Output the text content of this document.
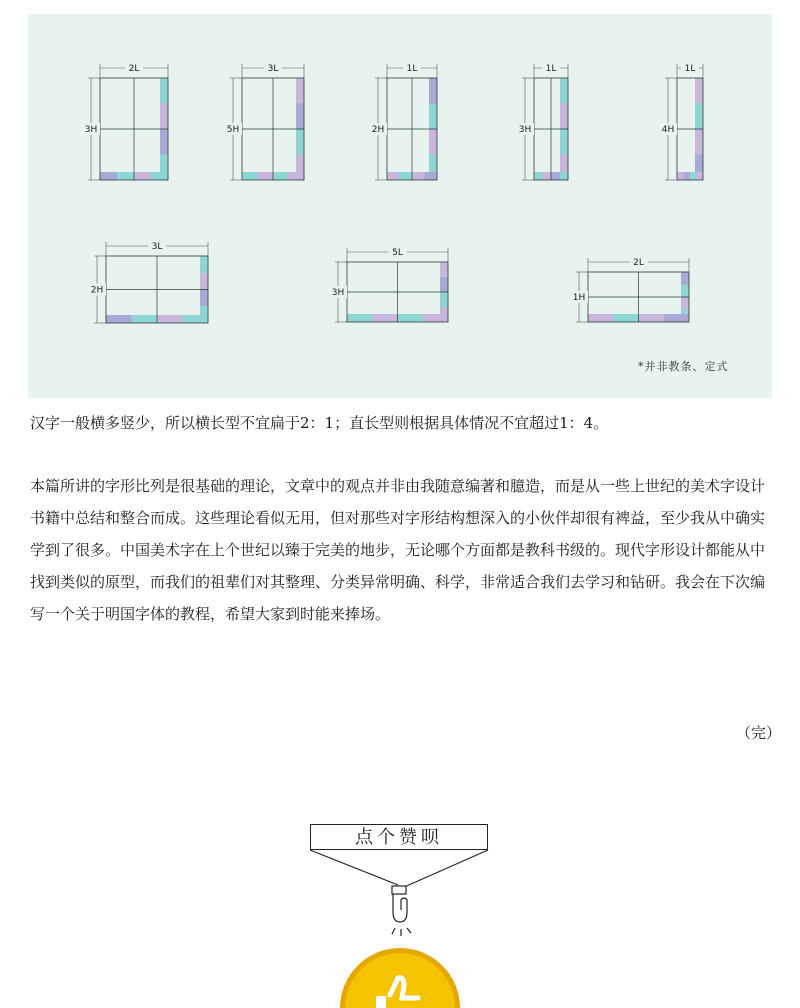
2L
3H
3L
5H
1L
2H
1L
3H
1L
4H
3L
2H
5L
3H
2L
1H
*并非教条、定式

汉字一般横多竖少，所以横长型不宜扁于2：1；直长型则根据具体情况不宜超过1：4。

本篇所讲的字形比列是很基础的理论，文章中的观点并非由我随意编著和臆造，而是从一些上世纪的美术字设计书籍中总结和整合而成。这些理论看似无用，但对那些对字形结构想深入的小伙伴却很有裨益，至少我从中确实学到了很多。中国美术字在上个世纪以臻于完美的地步，无论哪个方面都是教科书级的。现代字形设计都能从中找到类似的原型，而我们的祖辈们对其整理、分类异常明确、科学，非常适合我们去学习和钻研。我会在下次编写一个关于明国字体的教程，希望大家到时能来捧场。

（完）
点个赞呗
